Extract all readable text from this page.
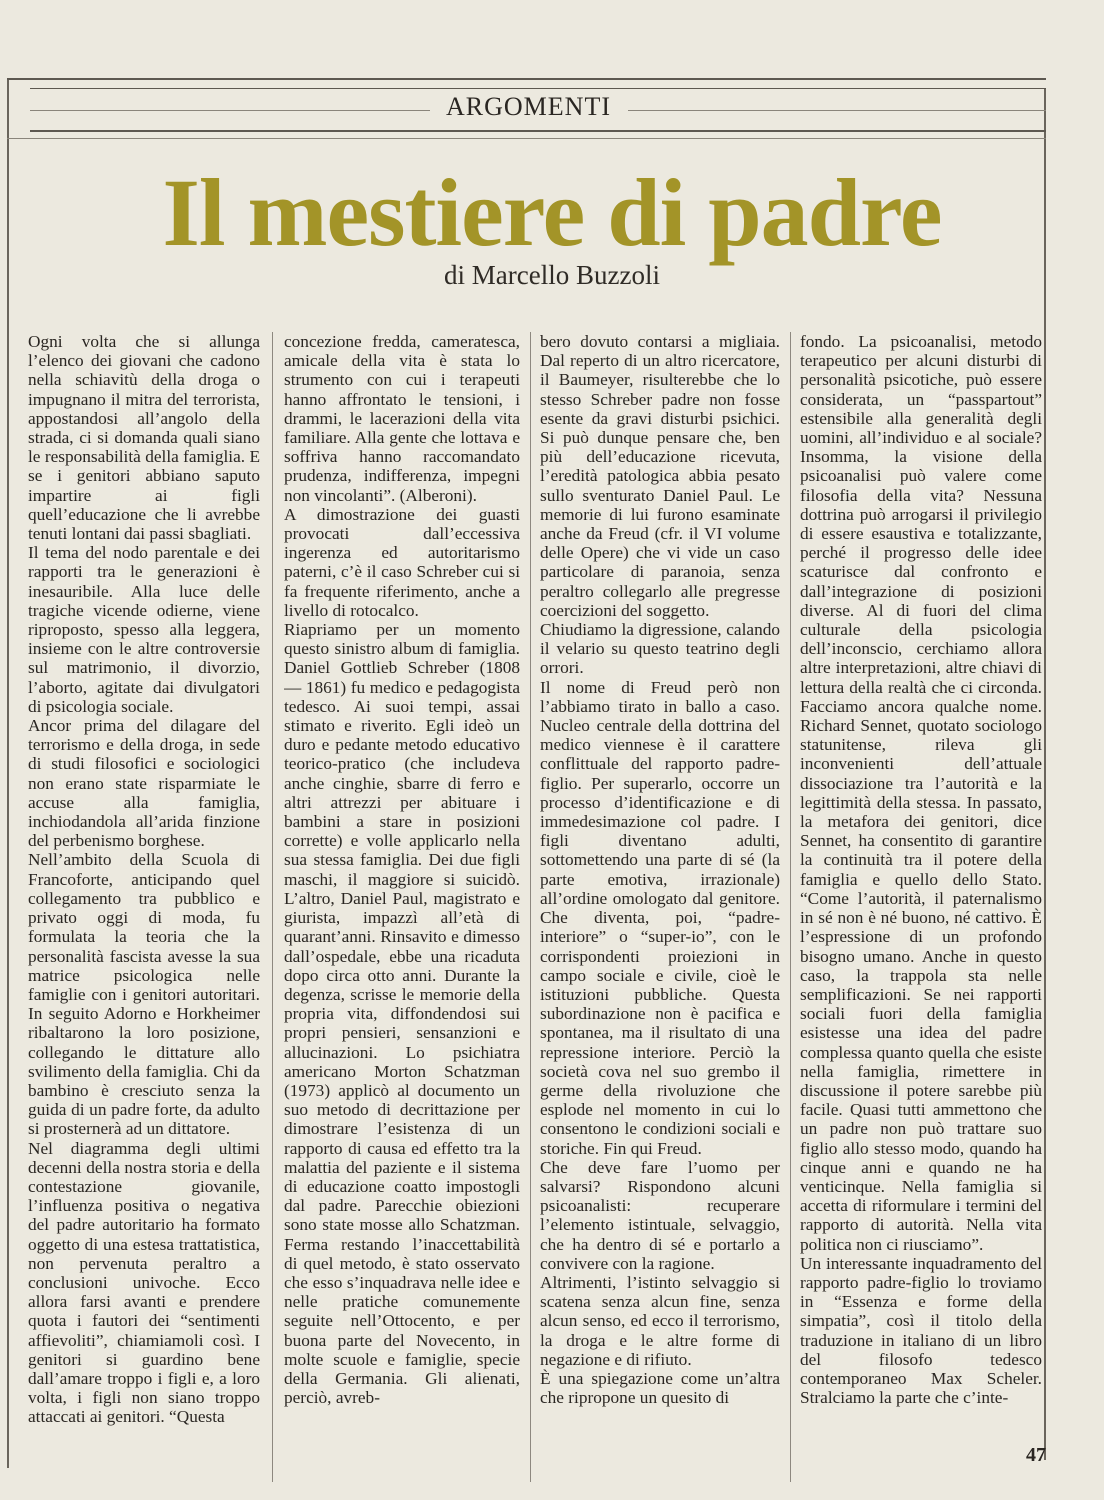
ARGOMENTI
Il mestiere di padre
di Marcello Buzzoli

Ogni volta che si allunga l’elenco dei giovani che cadono nella schiavitù della droga o impugnano il mitra del terrorista, appostandosi all’angolo della strada, ci si domanda quali siano le responsabilità della famiglia. E se i genitori abbiano saputo impartire ai figli quell’educazione che li avrebbe tenuti lontani dai passi sbagliati.

Il tema del nodo parentale e dei rapporti tra le generazioni è inesauribile. Alla luce delle tragiche vicende odierne, viene riproposto, spesso alla leggera, insieme con le altre controversie sul matrimonio, il divorzio, l’aborto, agitate dai divulgatori di psicologia sociale.

Ancor prima del dilagare del terrorismo e della droga, in sede di studi filosofici e sociologici non erano state risparmiate le accuse alla famiglia, inchiodandola all’arida finzione del perbenismo borghese.

Nell’ambito della Scuola di Francoforte, anticipando quel collegamento tra pubblico e privato oggi di moda, fu formulata la teoria che la personalità fascista avesse la sua matrice psicologica nelle famiglie con i genitori autoritari. In seguito Adorno e Horkheimer ribaltarono la loro posizione, collegando le dittature allo svilimento della famiglia. Chi da bambino è cresciuto senza la guida di un padre forte, da adulto si prosternerà ad un dittatore.

Nel diagramma degli ultimi decenni della nostra storia e della contestazione giovanile, l’influenza positiva o negativa del padre autoritario ha formato oggetto di una estesa trattatistica, non pervenuta peraltro a conclusioni univoche. Ecco allora farsi avanti e prendere quota i fautori dei “sentimenti affievoliti”, chiamiamoli così. I genitori si guardino bene dall’amare troppo i figli e, a loro volta, i figli non siano troppo attaccati ai genitori. “Questa

concezione fredda, cameratesca, amicale della vita è stata lo strumento con cui i terapeuti hanno affrontato le tensioni, i drammi, le lacerazioni della vita familiare. Alla gente che lottava e soffriva hanno raccomandato prudenza, indifferenza, impegni non vincolanti”. (Alberoni).

A dimostrazione dei guasti provocati dall’eccessiva ingerenza ed autoritarismo paterni, c’è il caso Schreber cui si fa frequente riferimento, anche a livello di rotocalco.

Riapriamo per un momento questo sinistro album di famiglia. Daniel Gottlieb Schreber (1808 — 1861) fu medico e pedagogista tedesco. Ai suoi tempi, assai stimato e riverito. Egli ideò un duro e pedante metodo educativo teorico-pratico (che includeva anche cinghie, sbarre di ferro e altri attrezzi per abituare i bambini a stare in posizioni corrette) e volle applicarlo nella sua stessa famiglia. Dei due figli maschi, il maggiore si suicidò. L’altro, Daniel Paul, magistrato e giurista, impazzì all’età di quarant’anni. Rinsavito e dimesso dall’ospedale, ebbe una ricaduta dopo circa otto anni. Durante la degenza, scrisse le memorie della propria vita, diffondendosi sui propri pensieri, sensanzioni e allucinazioni. Lo psichiatra americano Morton Schatzman (1973) applicò al documento un suo metodo di decrittazione per dimostrare l’esistenza di un rapporto di causa ed effetto tra la malattia del paziente e il sistema di educazione coatto impostogli dal padre. Parecchie obiezioni sono state mosse allo Schatzman. Ferma restando l’inaccettabilità di quel metodo, è stato osservato che esso s’inquadrava nelle idee e nelle pratiche comunemente seguite nell’Ottocento, e per buona parte del Novecento, in molte scuole e famiglie, specie della Germania. Gli alienati, perciò, avreb-

bero dovuto contarsi a migliaia. Dal reperto di un altro ricercatore, il Baumeyer, risulterebbe che lo stesso Schreber padre non fosse esente da gravi disturbi psichici. Si può dunque pensare che, ben più dell’educazione ricevuta, l’eredità patologica abbia pesato sullo sventurato Daniel Paul. Le memorie di lui furono esaminate anche da Freud (cfr. il VI volume delle Opere) che vi vide un caso particolare di paranoia, senza peraltro collegarlo alle pregresse coercizioni del soggetto.

Chiudiamo la digressione, calando il velario su questo teatrino degli orrori.

Il nome di Freud però non l’abbiamo tirato in ballo a caso. Nucleo centrale della dottrina del medico viennese è il carattere conflittuale del rapporto padre-figlio. Per superarlo, occorre un processo d’identificazione e di immedesimazione col padre. I figli diventano adulti, sottomettendo una parte di sé (la parte emotiva, irrazionale) all’ordine omologato dal genitore. Che diventa, poi, “padre-interiore” o “super-io”, con le corrispondenti proiezioni in campo sociale e civile, cioè le istituzioni pubbliche. Questa subordinazione non è pacifica e spontanea, ma il risultato di una repressione interiore. Perciò la società cova nel suo grembo il germe della rivoluzione che esplode nel momento in cui lo consentono le condizioni sociali e storiche. Fin qui Freud.

Che deve fare l’uomo per salvarsi? Rispondono alcuni psicoanalisti: recuperare l’elemento istintuale, selvaggio, che ha dentro di sé e portarlo a convivere con la ragione.

Altrimenti, l’istinto selvaggio si scatena senza alcun fine, senza alcun senso, ed ecco il terrorismo, la droga e le altre forme di negazione e di rifiuto.

È una spiegazione come un’altra che ripropone un quesito di

fondo. La psicoanalisi, metodo terapeutico per alcuni disturbi di personalità psicotiche, può essere considerata, un “passpartout” estensibile alla generalità degli uomini, all’individuo e al sociale? Insomma, la visione della psicoanalisi può valere come filosofia della vita? Nessuna dottrina può arrogarsi il privilegio di essere esaustiva e totalizzante, perché il progresso delle idee scaturisce dal confronto e dall’integrazione di posizioni diverse. Al di fuori del clima culturale della psicologia dell’inconscio, cerchiamo allora altre interpretazioni, altre chiavi di lettura della realtà che ci circonda. Facciamo ancora qualche nome. Richard Sennet, quotato sociologo statunitense, rileva gli inconvenienti dell’attuale dissociazione tra l’autorità e la legittimità della stessa. In passato, la metafora dei genitori, dice Sennet, ha consentito di garantire la continuità tra il potere della famiglia e quello dello Stato. “Come l’autorità, il paternalismo in sé non è né buono, né cattivo. È l’espressione di un profondo bisogno umano. Anche in questo caso, la trappola sta nelle semplificazioni. Se nei rapporti sociali fuori della famiglia esistesse una idea del padre complessa quanto quella che esiste nella famiglia, rimettere in discussione il potere sarebbe più facile. Quasi tutti ammettono che un padre non può trattare suo figlio allo stesso modo, quando ha cinque anni e quando ne ha venticinque. Nella famiglia si accetta di riformulare i termini del rapporto di autorità. Nella vita politica non ci riusciamo”.

Un interessante inquadramento del rapporto padre-figlio lo troviamo in “Essenza e forme della simpatia”, così il titolo della traduzione in italiano di un libro del filosofo tedesco contemporaneo Max Scheler. Stralciamo la parte che c’inte-

47
